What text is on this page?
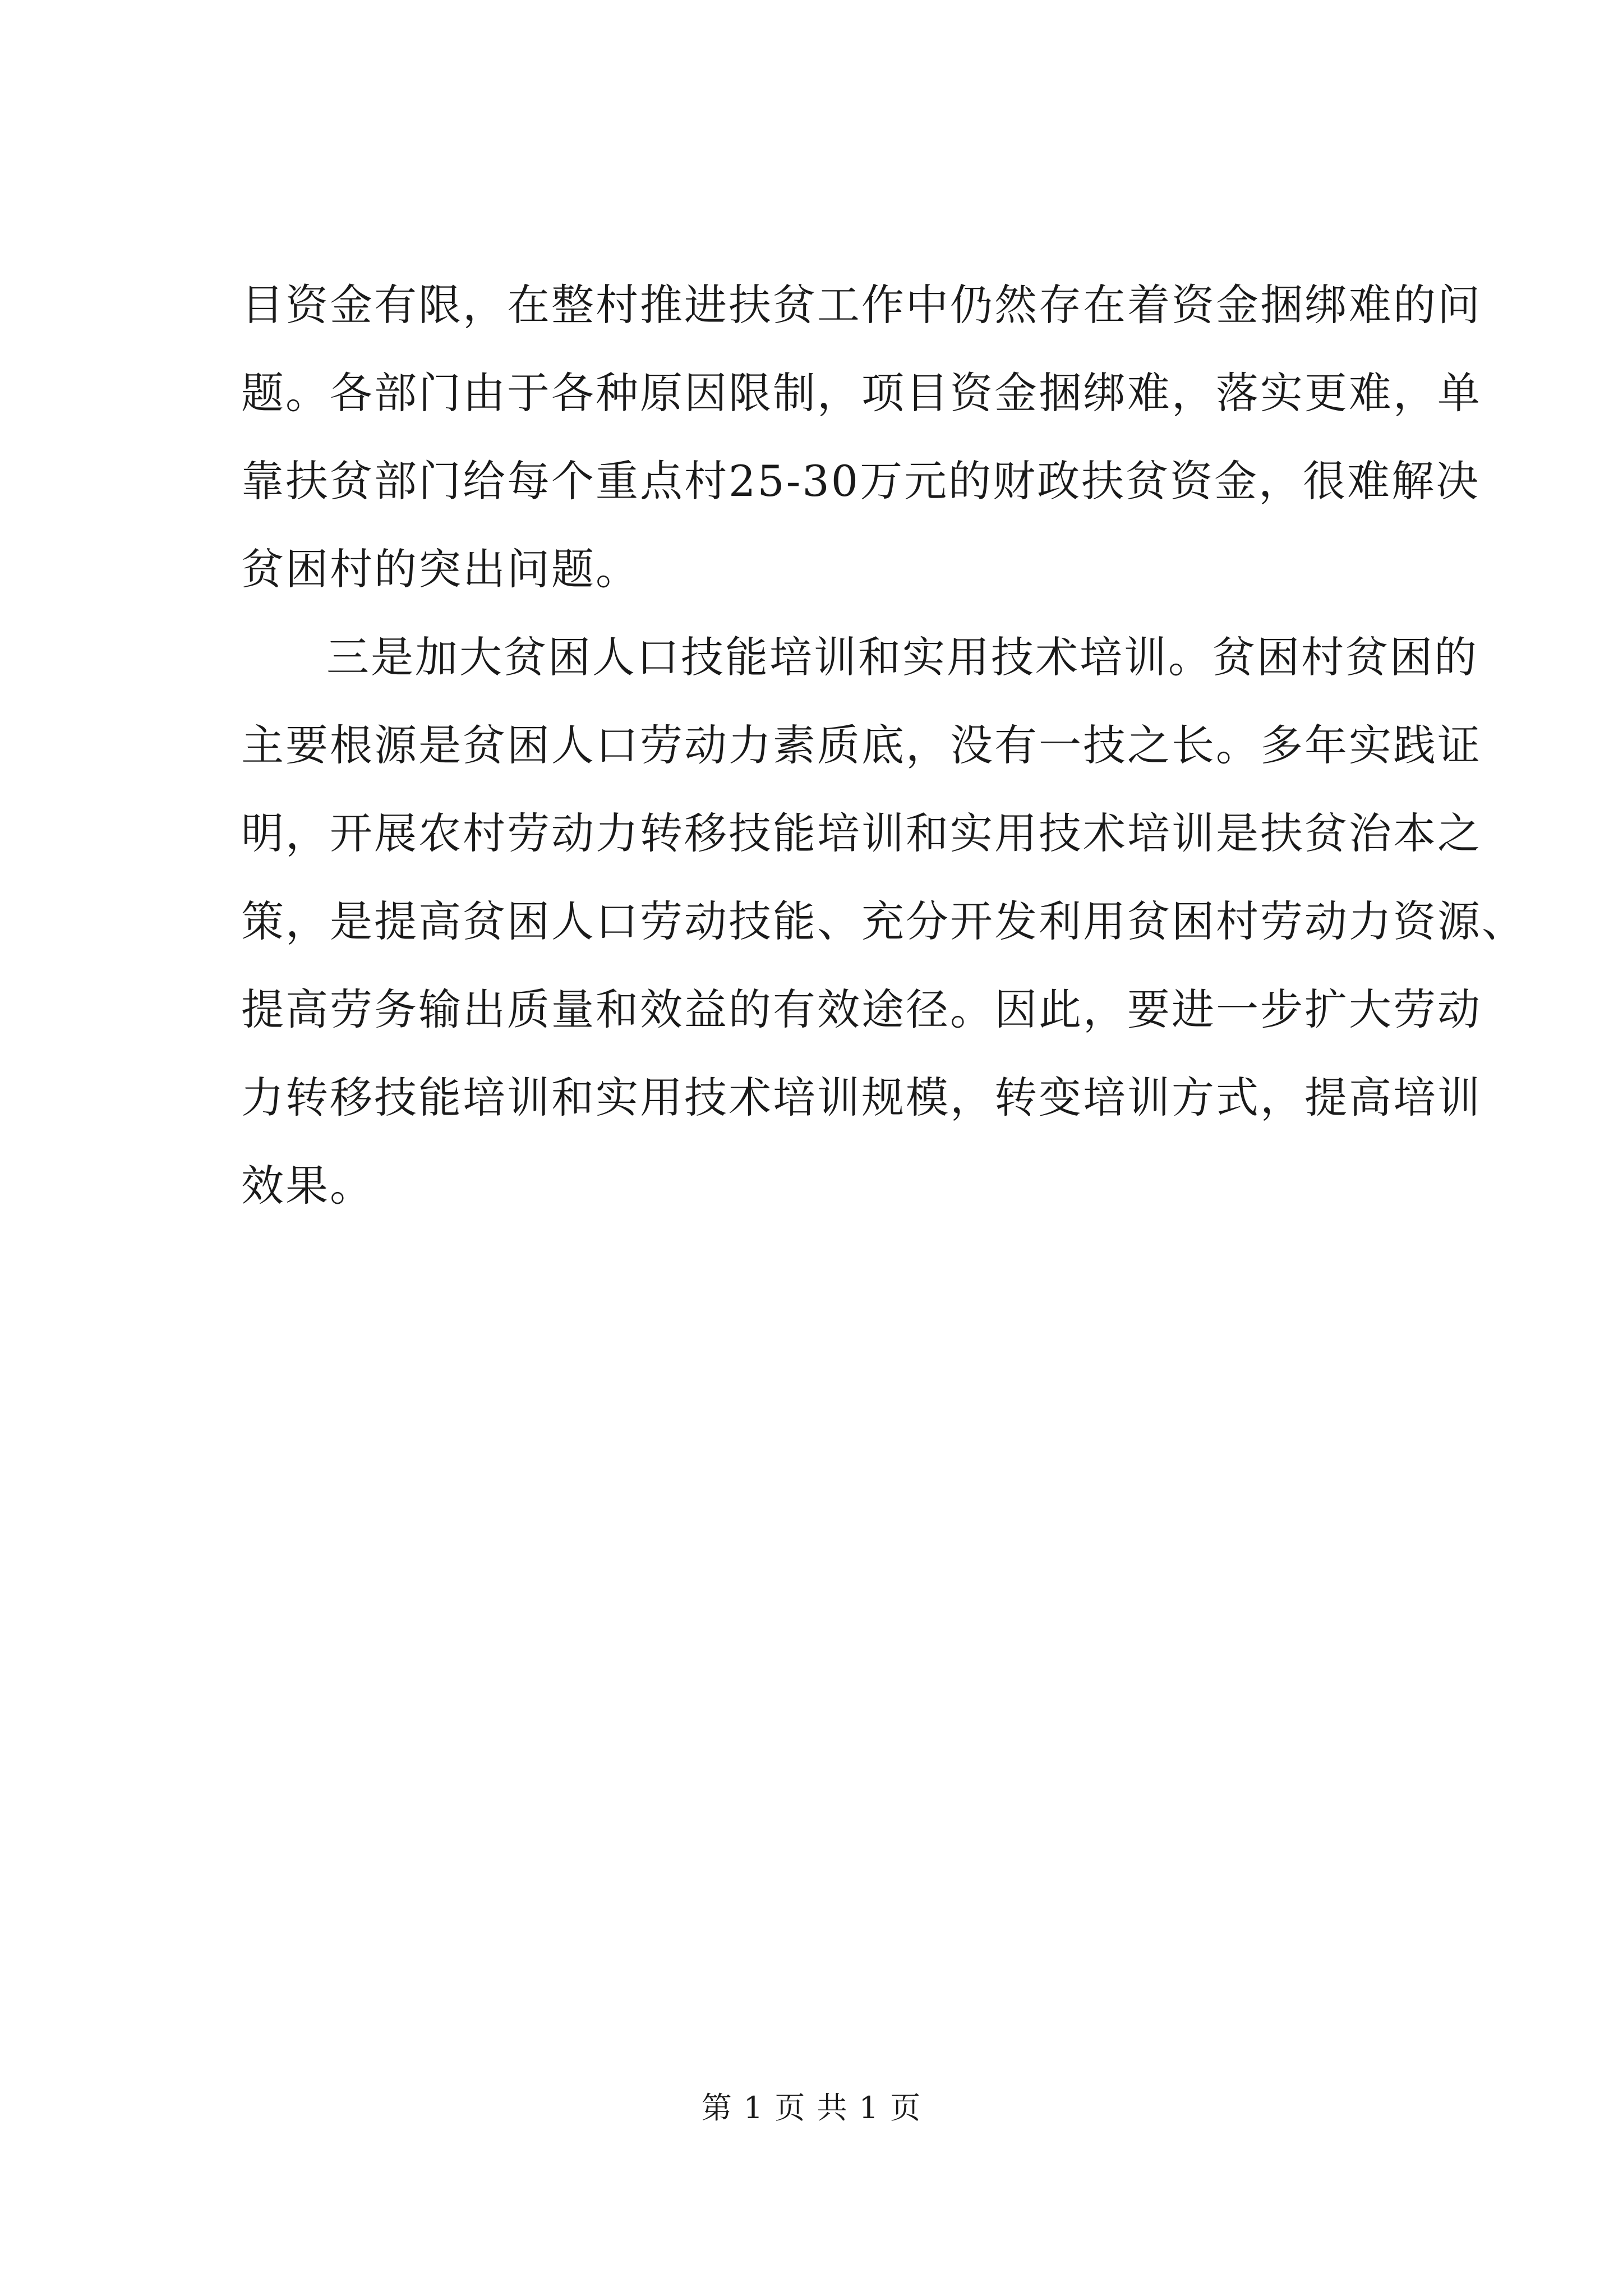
目资金有限，在整村推进扶贫工作中仍然存在着资金捆绑难的问
题。各部门由于各种原因限制，项目资金捆绑难，落实更难，单
靠扶贫部门给每个重点村25-30万元的财政扶贫资金，很难解决
贫困村的突出问题。
三是加大贫困人口技能培训和实用技术培训。贫困村贫困的
主要根源是贫困人口劳动力素质底，没有一技之长。多年实践证
明，开展农村劳动力转移技能培训和实用技术培训是扶贫治本之
策，是提高贫困人口劳动技能、充分开发利用贫困村劳动力资源、
提高劳务输出质量和效益的有效途径。因此，要进一步扩大劳动
力转移技能培训和实用技术培训规模，转变培训方式，提高培训
效果。
第 1 页 共 1 页
